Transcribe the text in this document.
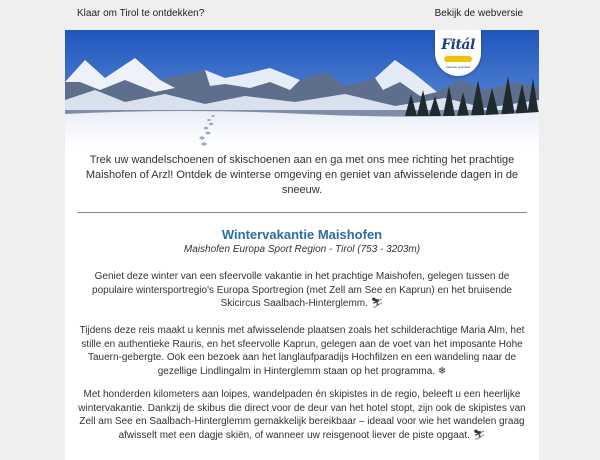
Klaar om Tirol te ontdekken?	Bekijk de webversie
Fitál
vakantie specialist
Trek uw wandelschoenen of skischoenen aan en ga met ons mee richting het prachtige Maishofen of Arzl! Ontdek de winterse omgeving en geniet van afwisselende dagen in de sneeuw.
Wintervakantie Maishofen
Maishofen Europa Sport Region - Tirol (753 - 3203m)
Geniet deze winter van een sfeervolle vakantie in het prachtige Maishofen, gelegen tussen de populaire wintersportregio's Europa Sportregion (met Zell am See en Kaprun) en het bruisende Skicircus Saalbach-Hinterglemm. ⛷
Tijdens deze reis maakt u kennis met afwisselende plaatsen zoals het schilderachtige Maria Alm, het stille en authentieke Rauris, en het sfeervolle Kaprun, gelegen aan de voet van het imposante Hohe Tauern-gebergte. Ook een bezoek aan het langlaufparadijs Hochfilzen en een wandeling naar de gezellige Lindlingalm in Hinterglemm staan op het programma. ❄
Met honderden kilometers aan loipes, wandelpaden én skipistes in de regio, beleeft u een heerlijke wintervakantie. Dankzij de skibus die direct voor de deur van het hotel stopt, zijn ook de skipistes van Zell am See en Saalbach-Hinterglemm gemakkelijk bereikbaar – ideaal voor wie het wandelen graag afwisselt met een dagje skiën, of wanneer uw reisgenoot liever de piste opgaat. ⛷
